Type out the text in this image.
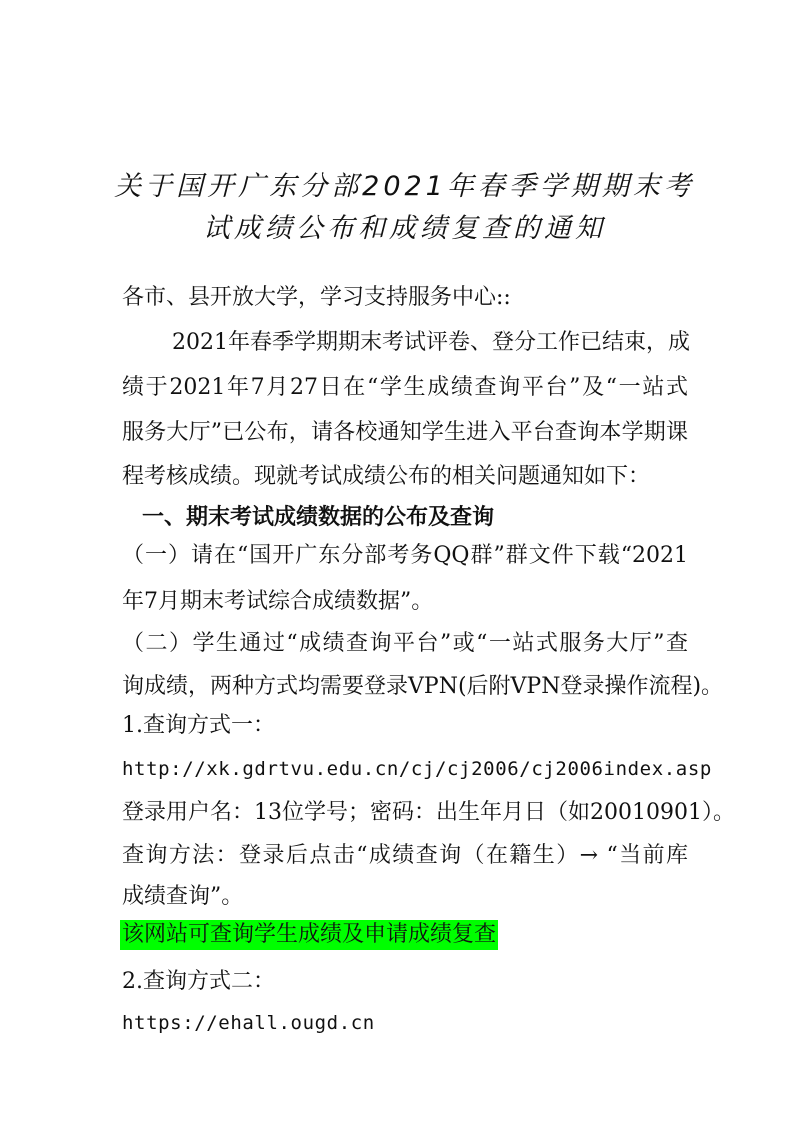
关于国开广东分部2021年春季学期期末考
试成绩公布和成绩复查的通知
各市、县开放大学，学习支持服务中心::
2021年春季学期期末考试评卷、登分工作已结束，成
绩于2021年7月27日在“学生成绩查询平台”及“一站式
服务大厅”已公布，请各校通知学生进入平台查询本学期课
程考核成绩。现就考试成绩公布的相关问题通知如下：
一、期末考试成绩数据的公布及查询
（一）请在“国开广东分部考务QQ群”群文件下载“2021
年7月期末考试综合成绩数据”。
（二）学生通过“成绩查询平台”或“一站式服务大厅”查
询成绩，两种方式均需要登录VPN(后附VPN登录操作流程)。
1.查询方式一：
http://xk.gdrtvu.edu.cn/cj/cj2006/cj2006index.asp
登录用户名：13位学号；密码：出生年月日（如20010901）。
查询方法：登录后点击“成绩查询（在籍生）→ “当前库
成绩查询”。
该网站可查询学生成绩及申请成绩复查
2.查询方式二：
https://ehall.ougd.cn
